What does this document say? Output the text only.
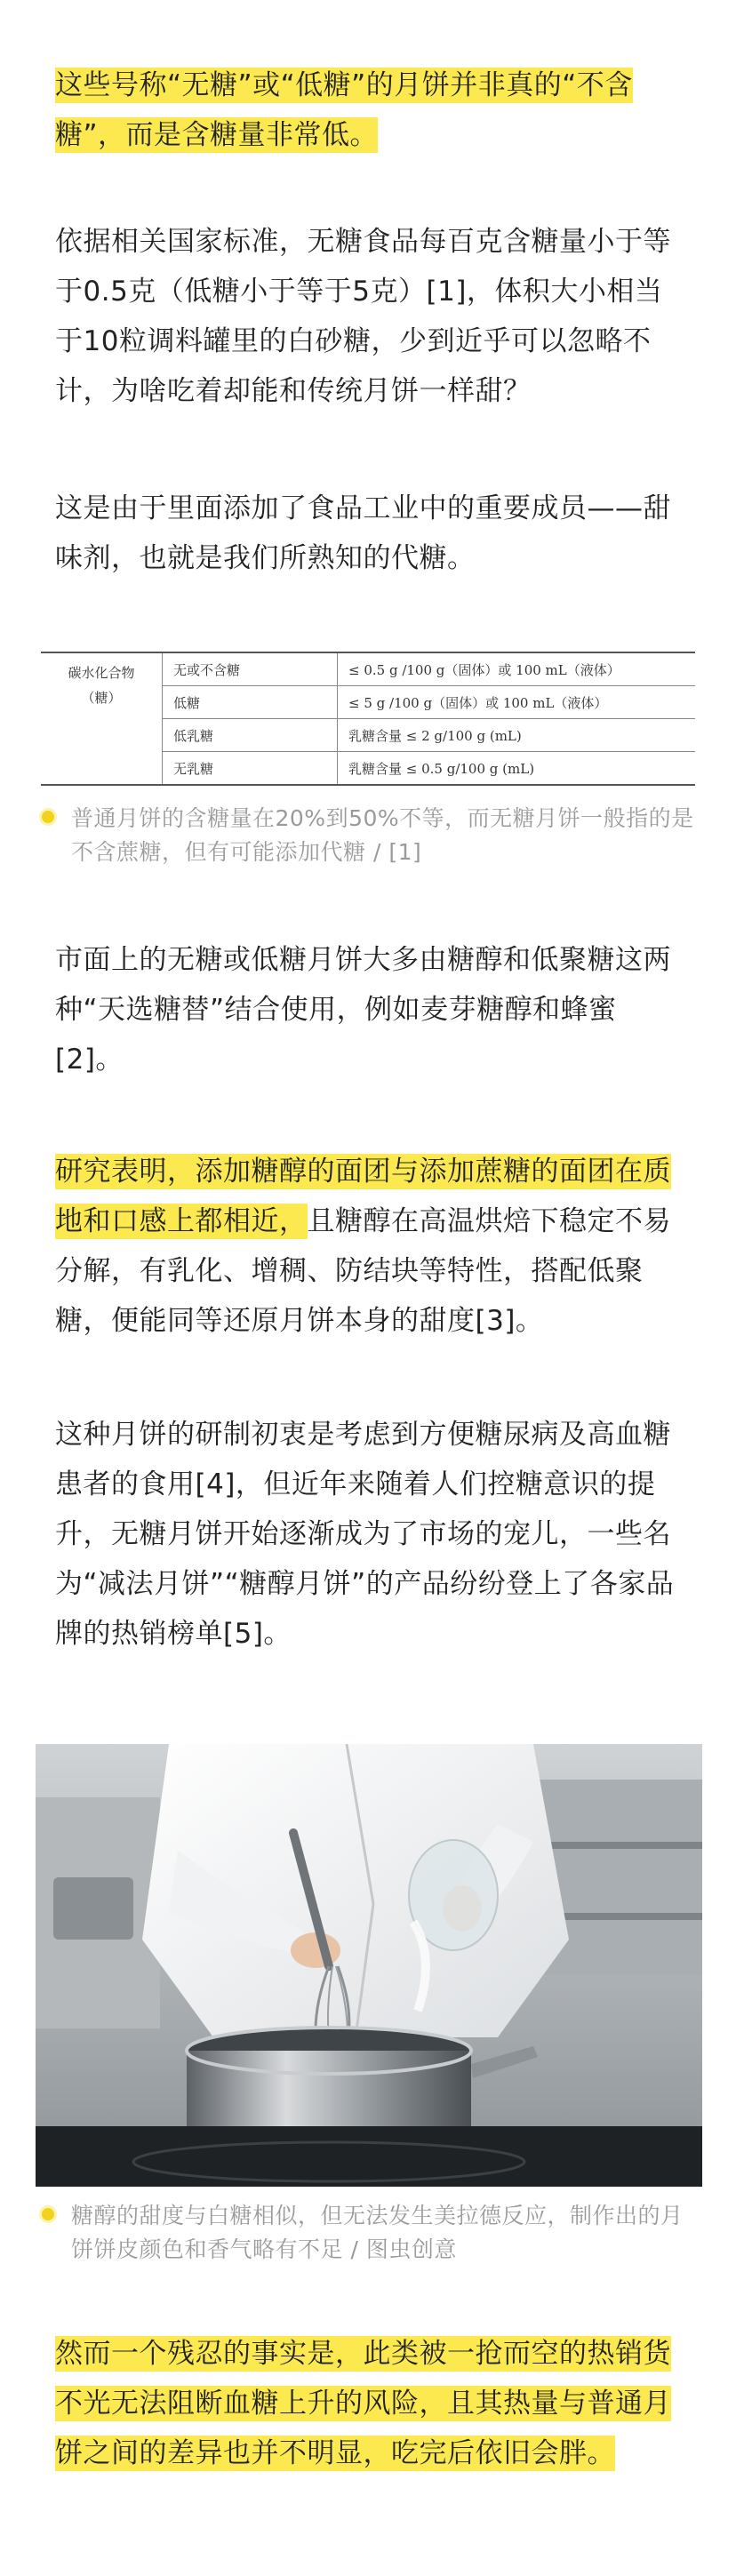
这些号称“无糖”或“低糖”的月饼并非真的“不含糖”，而是含糖量非常低。

依据相关国家标准，无糖食品每百克含糖量小于等于0.5克（低糖小于等于5克）[1]，体积大小相当于10粒调料罐里的白砂糖，少到近乎可以忽略不计，为啥吃着却能和传统月饼一样甜？

这是由于里面添加了食品工业中的重要成员——甜味剂，也就是我们所熟知的代糖。

碳水化合物
（糖）	无或不含糖	≤ 0.5 g /100 g（固体）或 100 mL（液体）
	低糖	≤ 5 g /100 g（固体）或 100 mL（液体）
	低乳糖	乳糖含量 ≤ 2 g/100 g (mL)
	无乳糖	乳糖含量 ≤ 0.5 g/100 g (mL)
普通月饼的含糖量在20%到50%不等，而无糖月饼一般指的是不含蔗糖，但有可能添加代糖 / [1]

市面上的无糖或低糖月饼大多由糖醇和低聚糖这两种“天选糖替”结合使用，例如麦芽糖醇和蜂蜜[2]。

研究表明，添加糖醇的面团与添加蔗糖的面团在质地和口感上都相近，且糖醇在高温烘焙下稳定不易分解，有乳化、增稠、防结块等特性，搭配低聚糖，便能同等还原月饼本身的甜度[3]。

这种月饼的研制初衷是考虑到方便糖尿病及高血糖患者的食用[4]，但近年来随着人们控糖意识的提升，无糖月饼开始逐渐成为了市场的宠儿，一些名为“减法月饼”“糖醇月饼”的产品纷纷登上了各家品牌的热销榜单[5]。

糖醇的甜度与白糖相似，但无法发生美拉德反应，制作出的月饼饼皮颜色和香气略有不足 / 图虫创意

然而一个残忍的事实是，此类被一抢而空的热销货不光无法阻断血糖上升的风险，且其热量与普通月饼之间的差异也并不明显，吃完后依旧会胖。
